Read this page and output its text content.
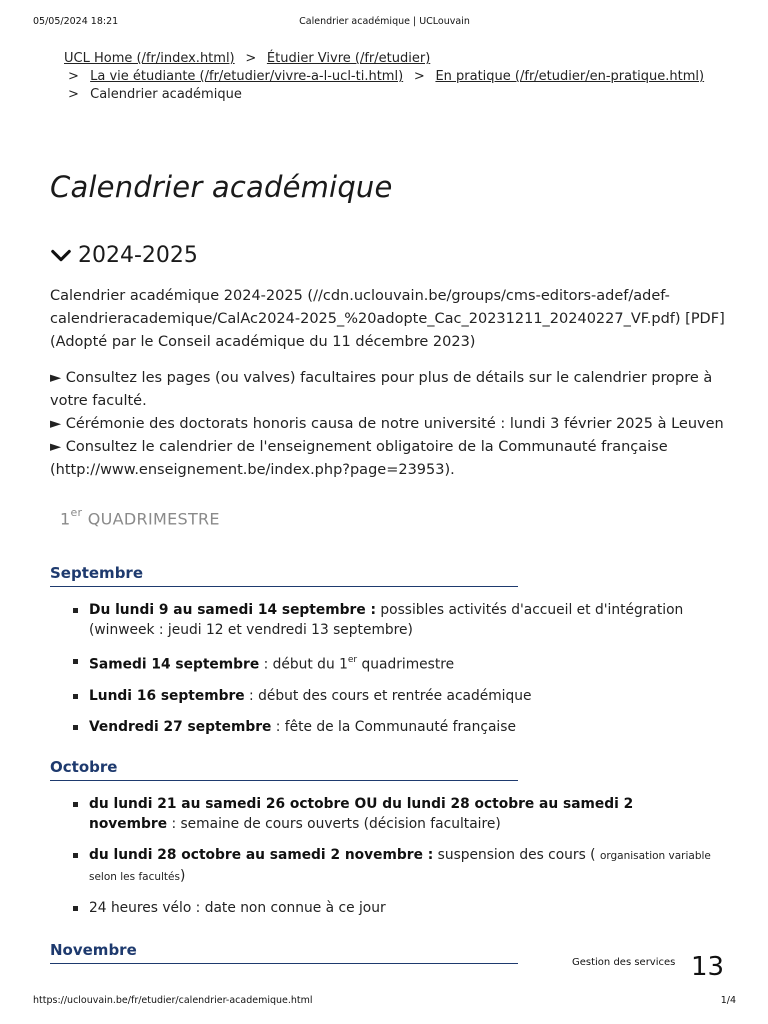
05/05/2024 18:21	Calendrier académique | UCLouvain
UCL Home (/fr/index.html) > Étudier Vivre (/fr/etudier)
> La vie étudiante (/fr/etudier/vivre-a-l-ucl-ti.html) > En pratique (/fr/etudier/en-pratique.html)
> Calendrier académique
Calendrier académique
2024-2025

Calendrier académique 2024-2025 (//cdn.uclouvain.be/groups/cms-editors-adef/adef-calendrieracademique/CalAc2024-2025_%20adopte_Cac_20231211_20240227_VF.pdf) [PDF] (Adopté par le Conseil académique du 11 décembre 2023)

► Consultez les pages (ou valves) facultaires pour plus de détails sur le calendrier propre à votre faculté.

► Cérémonie des doctorats honoris causa de notre université : lundi 3 février 2025 à Leuven

► Consultez le calendrier de l'enseignement obligatoire de la Communauté française (http://www.enseignement.be/index.php?page=23953).

1er QUADRIMESTRE
Septembre
Du lundi 9 au samedi 14 septembre : possibles activités d'accueil et d'intégration (winweek : jeudi 12 et vendredi 13 septembre)
Samedi 14 septembre : début du 1er quadrimestre
Lundi 16 septembre : début des cours et rentrée académique
Vendredi 27 septembre : fête de la Communauté française
Octobre
du lundi 21 au samedi 26 octobre OU du lundi 28 octobre au samedi 2 novembre : semaine de cours ouverts (décision facultaire)
du lundi 28 octobre au samedi 2 novembre : suspension des cours ( organisation variable selon les facultés)
24 heures vélo : date non connue à ce jour
Novembre
Gestion des services 13
https://uclouvain.be/fr/etudier/calendrier-academique.html	1/4
